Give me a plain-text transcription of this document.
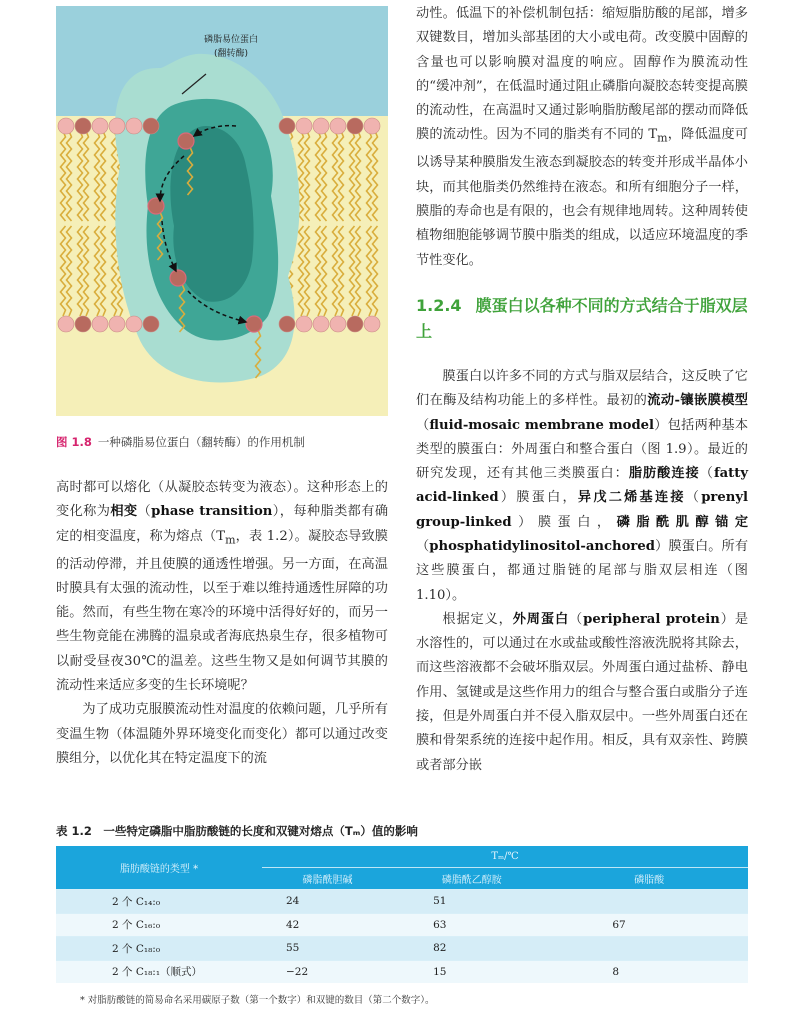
磷脂易位蛋白
(翻转酶)
图 1.8 一种磷脂易位蛋白（翻转酶）的作用机制

高时都可以熔化（从凝胶态转变为液态）。这种形态上的变化称为相变（phase transition），每种脂类都有确定的相变温度，称为熔点（$T_m$，表 1.2）。凝胶态导致膜的活动停滞，并且使膜的通透性增强。另一方面，在高温时膜具有太强的流动性，以至于难以维持通透性屏障的功能。然而，有些生物在寒冷的环境中活得好好的，而另一些生物竟能在沸腾的温泉或者海底热泉生存，很多植物可以耐受昼夜30℃的温差。这些生物又是如何调节其膜的流动性来适应多变的生长环境呢？

为了成功克服膜流动性对温度的依赖问题，几乎所有变温生物（体温随外界环境变化而变化）都可以通过改变膜组分，以优化其在特定温度下的流

动性。低温下的补偿机制包括：缩短脂肪酸的尾部，增多双键数目，增加头部基团的大小或电荷。改变膜中固醇的含量也可以影响膜对温度的响应。固醇作为膜流动性的“缓冲剂”，在低温时通过阻止磷脂向凝胶态转变提高膜的流动性，在高温时又通过影响脂肪酸尾部的摆动而降低膜的流动性。因为不同的脂类有不同的 $T_m$，降低温度可以诱导某种膜脂发生液态到凝胶态的转变并形成半晶体小块，而其他脂类仍然维持在液态。和所有细胞分子一样，膜脂的寿命也是有限的，也会有规律地周转。这种周转使植物细胞能够调节膜中脂类的组成，以适应环境温度的季节性变化。

1.2.4 膜蛋白以各种不同的方式结合于脂双层上

膜蛋白以许多不同的方式与脂双层结合，这反映了它们在酶及结构功能上的多样性。最初的流动-镶嵌膜模型（fluid-mosaic membrane model）包括两种基本类型的膜蛋白：外周蛋白和整合蛋白（图 1.9）。最近的研究发现，还有其他三类膜蛋白：脂肪酸连接（fatty acid-linked）膜蛋白，异戊二烯基连接（prenyl group-linked）膜蛋白，磷脂酰肌醇锚定（phosphatidylinositol-anchored）膜蛋白。所有这些膜蛋白，都通过脂链的尾部与脂双层相连（图 1.10）。

根据定义，外周蛋白（peripheral protein）是水溶性的，可以通过在水或盐或酸性溶液洗脱将其除去，而这些溶液都不会破坏脂双层。外周蛋白通过盐桥、静电作用、氢键或是这些作用力的组合与整合蛋白或脂分子连接，但是外周蛋白并不侵入脂双层中。一些外周蛋白还在膜和骨架系统的连接中起作用。相反，具有双亲性、跨膜或者部分嵌

表 1.2　一些特定磷脂中脂肪酸链的长度和双键对熔点（Tₘ）值的影响
脂肪酸链的类型 *	Tₘ/℃		
	磷脂酰胆碱	磷脂酰乙醇胺	磷脂酸
2 个 C₁₄:₀	24	51	
2 个 C₁₆:₀	42	63	67
2 个 C₁₈:₀	55	82	
2 个 C₁₈:₁（顺式）	−22	15	8
* 对脂肪酸链的简易命名采用碳原子数（第一个数字）和双键的数目（第二个数字）。
